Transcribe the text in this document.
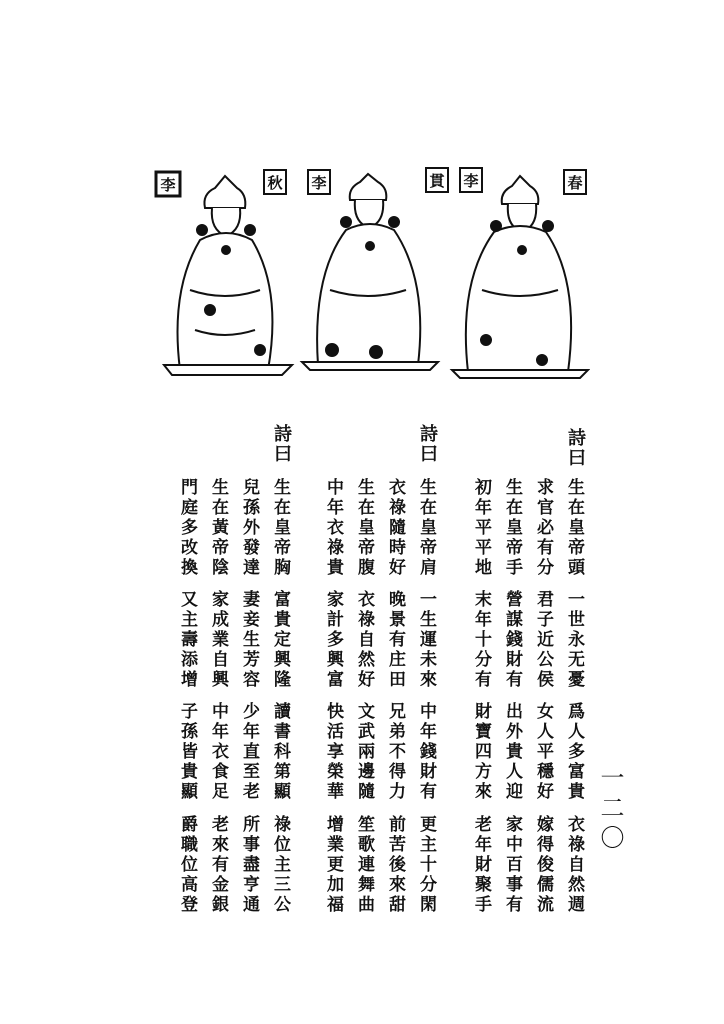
一二〇
李	秋 李	貫 李	春
詩曰
生在皇帝頭
一世永无憂
爲人多富貴
衣祿自然週
求官必有分
君子近公侯
女人平穩好
嫁得俊儒流
生在皇帝手
營謀錢財有
出外貴人迎
家中百事有
初年平平地
末年十分有
財寶四方來
老年財聚手
詩曰
生在皇帝肩
一生運未來
中年錢財有
更主十分閑
衣祿隨時好
晚景有庄田
兄弟不得力
前苦後來甜
生在皇帝腹
衣祿自然好
文武兩邊隨
笙歌連舞曲
中年衣祿貴
家計多興富
快活享榮華
增業更加福
詩曰
生在皇帝胸
富貴定興隆
讀書科第顯
祿位主三公
兒孫外發達
妻妾生芳容
少年直至老
所事盡亨通
生在黃帝陰
家成業自興
中年衣食足
老來有金銀
門庭多改換
又主壽添增
子孫皆貴顯
爵職位高登
